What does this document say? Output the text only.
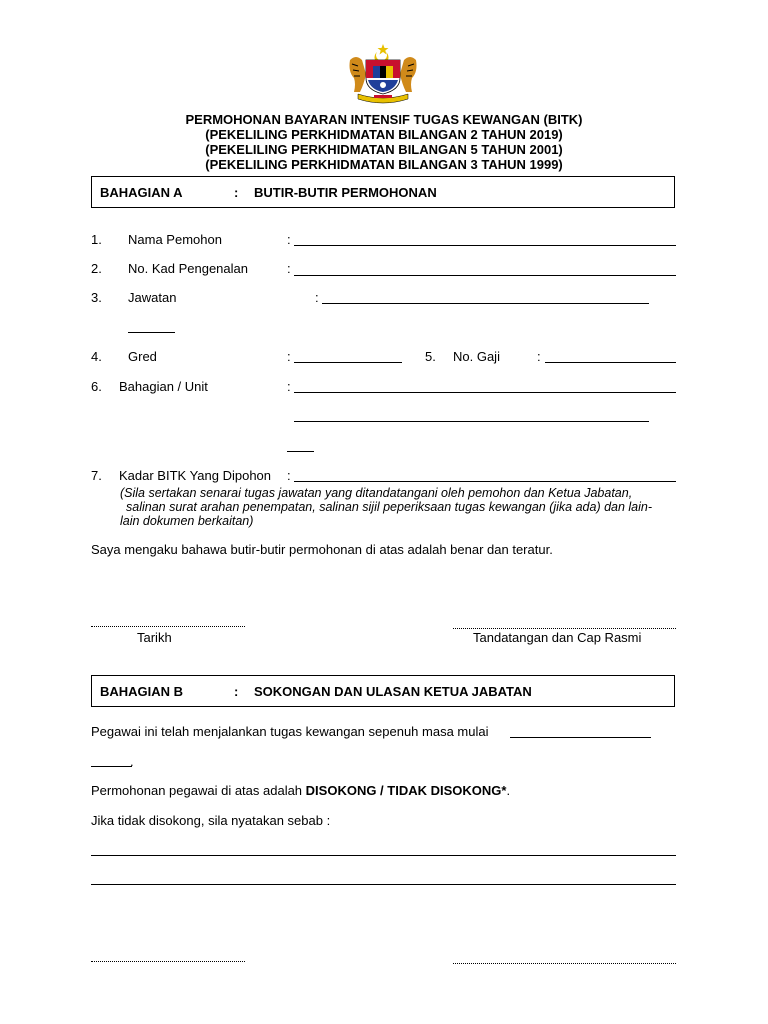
PERMOHONAN BAYARAN INTENSIF TUGAS KEWANGAN (BITK)
(PEKELILING PERKHIDMATAN BILANGAN 2 TAHUN 2019)
(PEKELILING PERKHIDMATAN BILANGAN 5 TAHUN 2001)
(PEKELILING PERKHIDMATAN BILANGAN 3 TAHUN 1999)
BAHAGIAN A	: BUTIR-BUTIR PERMOHONAN
1. Nama Pemohon	:
2. No. Kad Pengenalan	:
3. Jawatan	:
4. Gred	:	5. No. Gaji	:
6. Bahagian / Unit	:
7. Kadar BITK Yang Dipohon :
(Sila sertakan senarai tugas jawatan yang ditandatangani oleh pemohon dan Ketua Jabatan,
salinan surat arahan penempatan, salinan sijil peperiksaan tugas kewangan (jika ada) dan lain-
lain dokumen berkaitan)
Saya mengaku bahawa butir-butir permohonan di atas adalah benar dan teratur.
Tarikh	Tandatangan dan Cap Rasmi
BAHAGIAN B	: SOKONGAN DAN ULASAN KETUA JABATAN
Pegawai ini telah menjalankan tugas kewangan sepenuh masa mulai
.
Permohonan pegawai di atas adalah DISOKONG / TIDAK DISOKONG*.
Jika tidak disokong, sila nyatakan sebab :
